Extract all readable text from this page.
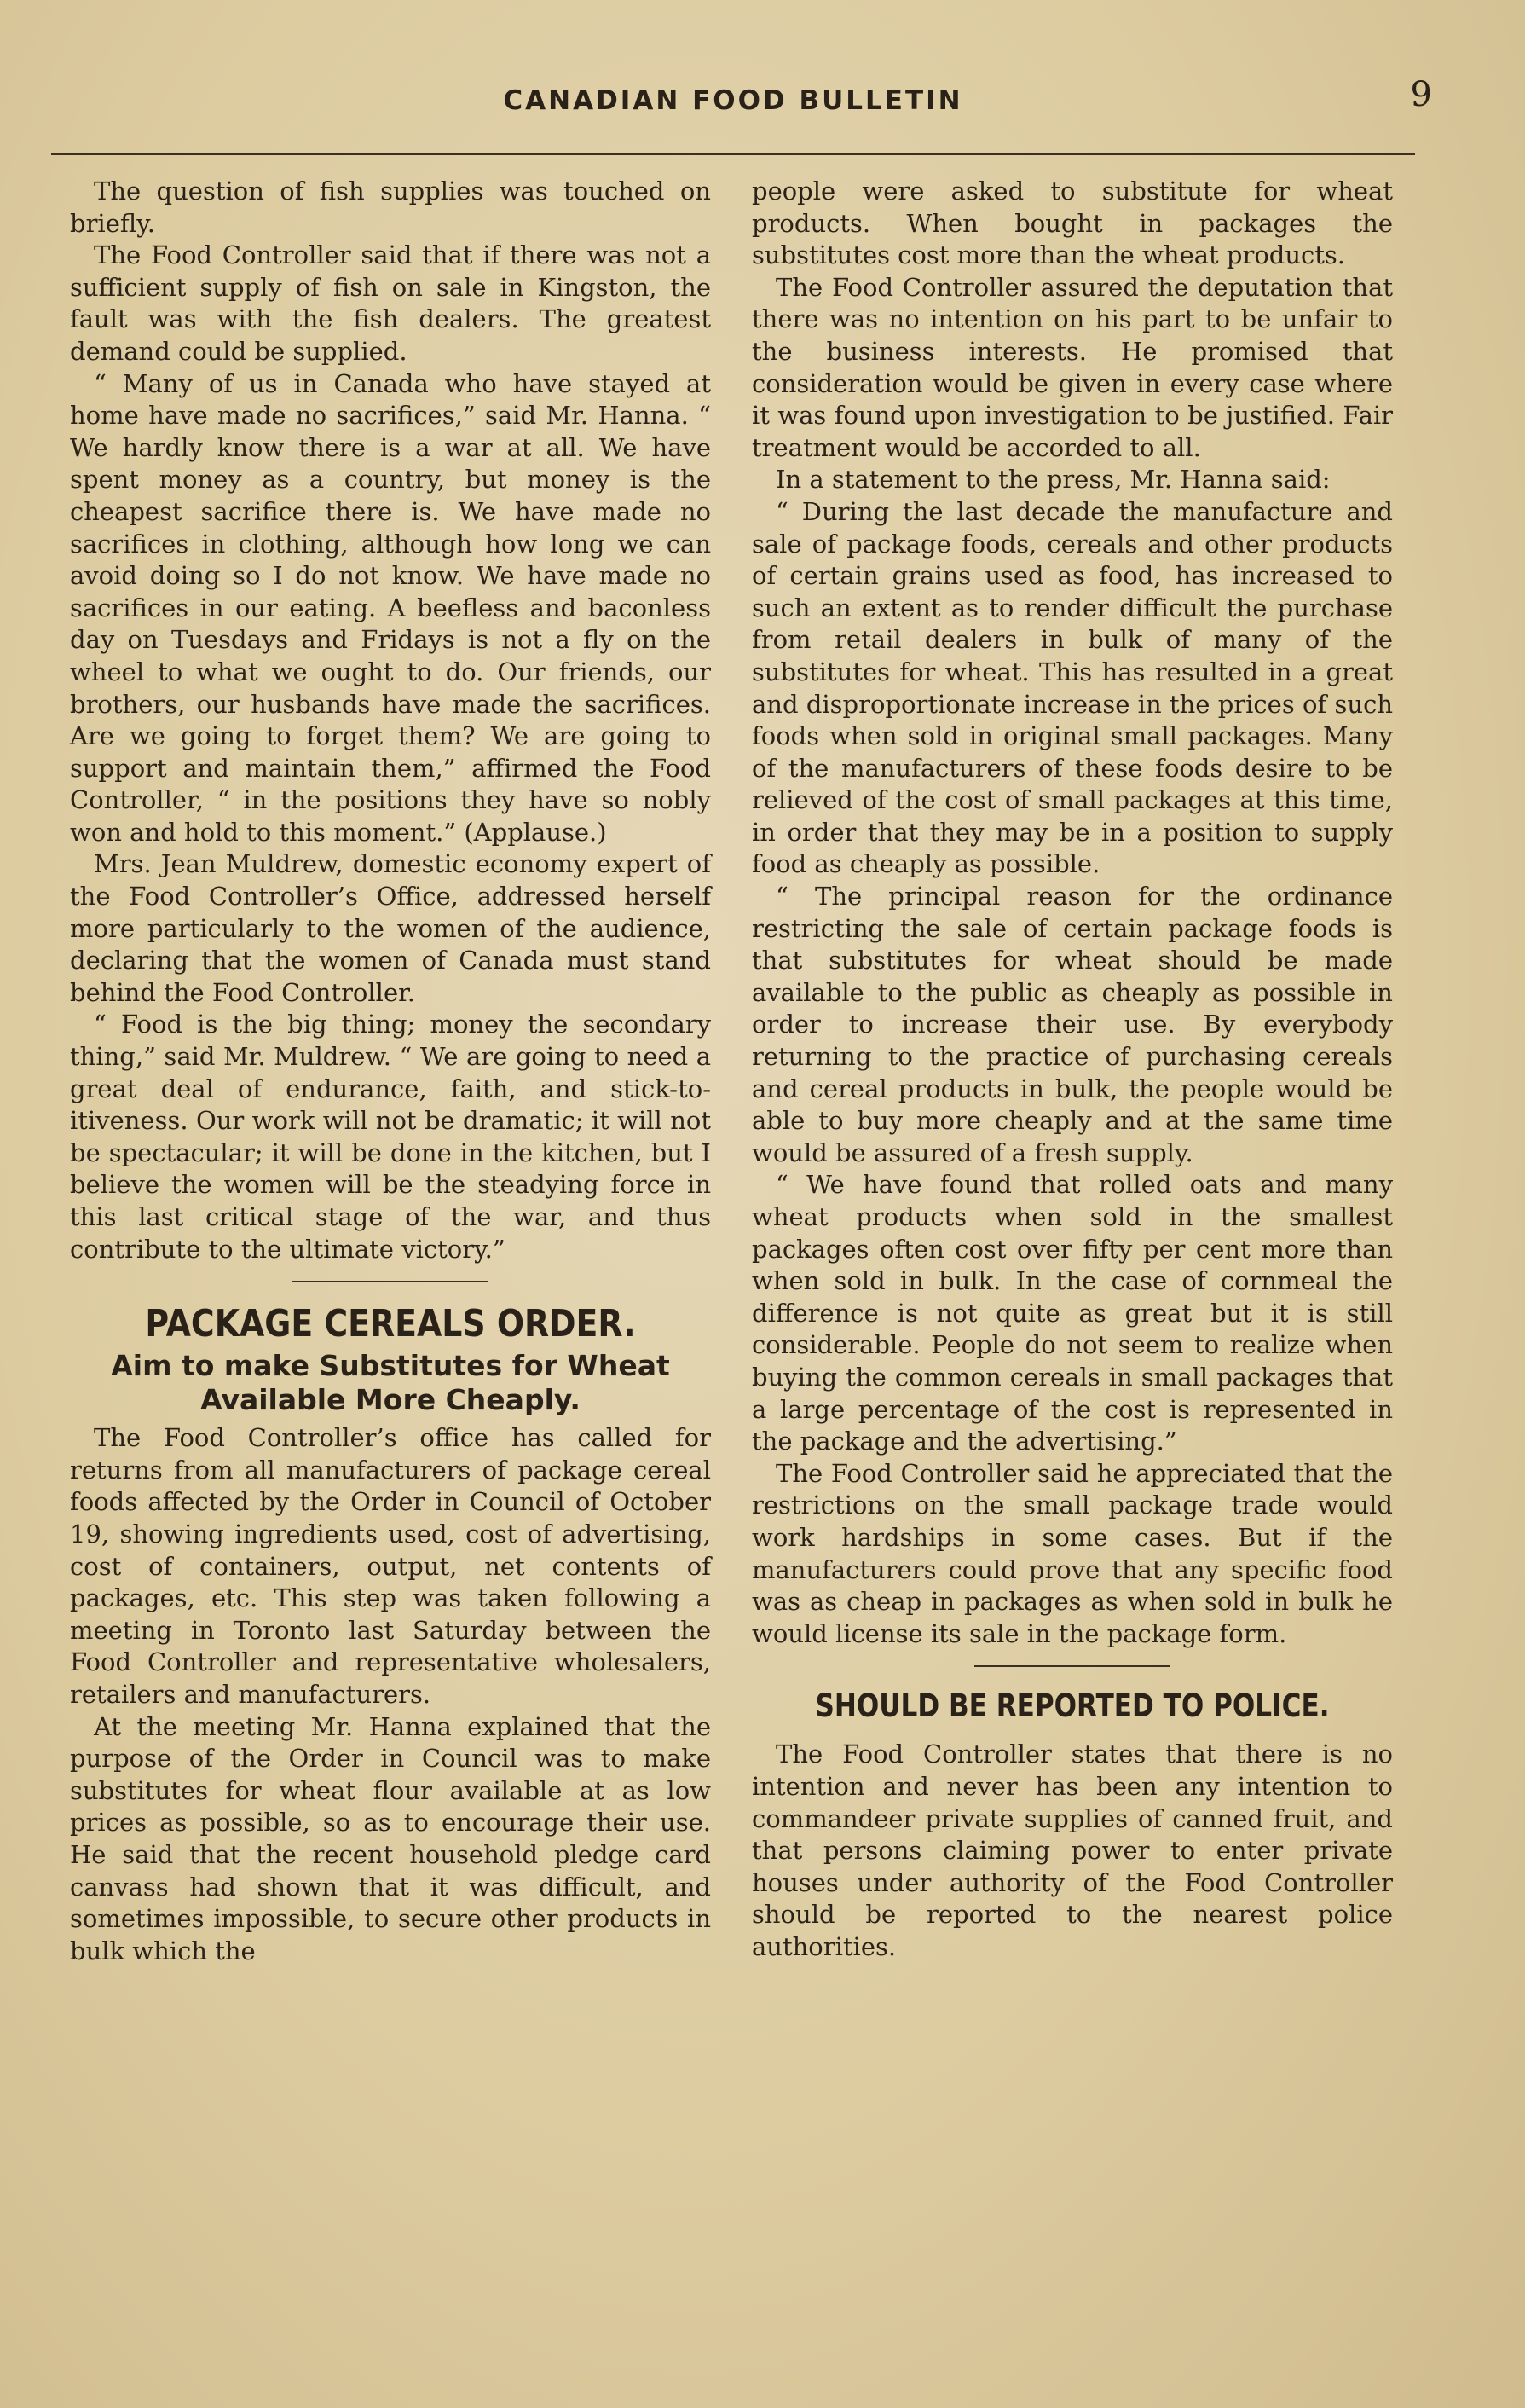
CANADIAN FOOD BULLETIN	9

The question of fish supplies was touched on briefly.

The Food Controller said that if there was not a sufficient supply of fish on sale in Kingston, the fault was with the fish dealers. The greatest demand could be supplied.

“ Many of us in Canada who have stayed at home have made no sacrifices,” said Mr. Hanna. “ We hardly know there is a war at all. We have spent money as a country, but money is the cheapest sacrifice there is. We have made no sacrifices in clothing, although how long we can avoid doing so I do not know. We have made no sacrifices in our eating. A beefless and baconless day on Tuesdays and Fridays is not a fly on the wheel to what we ought to do. Our friends, our brothers, our husbands have made the sacrifices. Are we going to forget them? We are going to support and maintain them,” affirmed the Food Controller, “ in the positions they have so nobly won and hold to this moment.” (Applause.)

Mrs. Jean Muldrew, domestic economy expert of the Food Controller’s Office, addressed herself more particularly to the women of the audience, declaring that the women of Canada must stand behind the Food Controller.

“ Food is the big thing; money the secondary thing,” said Mr. Muldrew. “ We are going to need a great deal of endurance, faith, and stick-to-itiveness. Our work will not be dramatic; it will not be spectacular; it will be done in the kitchen, but I believe the women will be the steadying force in this last critical stage of the war, and thus contribute to the ultimate victory.”

PACKAGE CEREALS ORDER.
Aim to make Substitutes for Wheat Available More Cheaply.

The Food Controller’s office has called for returns from all manufacturers of package cereal foods affected by the Order in Council of October 19, showing ingredients used, cost of advertising, cost of containers, output, net contents of packages, etc. This step was taken following a meeting in Toronto last Saturday between the Food Controller and representative wholesalers, retailers and manufacturers.

At the meeting Mr. Hanna explained that the purpose of the Order in Council was to make substitutes for wheat flour available at as low prices as possible, so as to encourage their use. He said that the recent household pledge card canvass had shown that it was difficult, and sometimes impossible, to secure other products in bulk which the

people were asked to substitute for wheat products. When bought in packages the substitutes cost more than the wheat products.

The Food Controller assured the deputation that there was no intention on his part to be unfair to the business interests. He promised that consideration would be given in every case where it was found upon investigation to be justified. Fair treatment would be accorded to all.

In a statement to the press, Mr. Hanna said:

“ During the last decade the manufacture and sale of package foods, cereals and other products of certain grains used as food, has increased to such an extent as to render difficult the purchase from retail dealers in bulk of many of the substitutes for wheat. This has resulted in a great and disproportionate increase in the prices of such foods when sold in original small packages. Many of the manufacturers of these foods desire to be relieved of the cost of small packages at this time, in order that they may be in a position to supply food as cheaply as possible.

“ The principal reason for the ordinance restricting the sale of certain package foods is that substitutes for wheat should be made available to the public as cheaply as possible in order to increase their use. By everybody returning to the practice of purchasing cereals and cereal products in bulk, the people would be able to buy more cheaply and at the same time would be assured of a fresh supply.

“ We have found that rolled oats and many wheat products when sold in the smallest packages often cost over fifty per cent more than when sold in bulk. In the case of cornmeal the difference is not quite as great but it is still considerable. People do not seem to realize when buying the common cereals in small packages that a large percentage of the cost is represented in the package and the advertising.”

The Food Controller said he appreciated that the restrictions on the small package trade would work hardships in some cases. But if the manufacturers could prove that any specific food was as cheap in packages as when sold in bulk he would license its sale in the package form.

SHOULD BE REPORTED TO POLICE.

The Food Controller states that there is no intention and never has been any intention to commandeer private supplies of canned fruit, and that persons claiming power to enter private houses under authority of the Food Controller should be reported to the nearest police authorities.
